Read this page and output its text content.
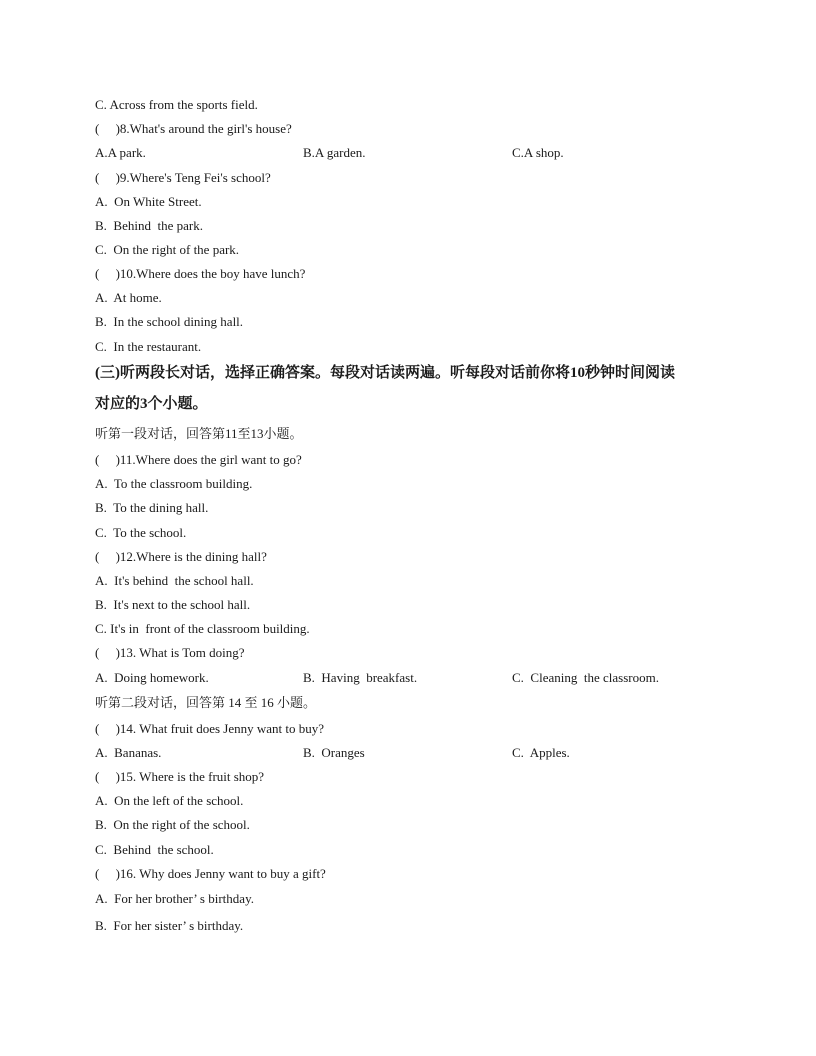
C. Across from the sports field.
(     )8.What's around the girl's house?

A.A park.

	B.A garden.

	C.A shop.

(     )9.Where's Teng Fei's school?
A.  On White Street.
B.  Behind  the park.
C.  On the right of the park.
(     )10.Where does the boy have lunch?
A.  At home.
B.  In the school dining hall.
C.  In the restaurant.
(三)听两段长对话，选择正确答案。每段对话读两遍。听每段对话前你将10秒钟时间阅读
对应的3个小题。
听第一段对话，回答第11至13小题。
(     )11.Where does the girl want to go?
A.  To the classroom building.
B.  To the dining hall.
C.  To the school.
(     )12.Where is the dining hall?
A.  It's behind  the school hall.
B.  It's next to the school hall.
C. It's in  front of the classroom building.
(     )13. What is Tom doing?

A.  Doing homework.

	B.  Having  breakfast.

	C.  Cleaning  the classroom.

听第二段对话，回答第 14 至 16 小题。
(     )14. What fruit does Jenny want to buy?

A.  Bananas.

	B.  Oranges

	C.  Apples.

(     )15. Where is the fruit shop?
A.  On the left of the school.
B.  On the right of the school.
C.  Behind  the school.
(     )16. Why does Jenny want to buy a gift?
A.  For her brother’ s birthday.
B.  For her sister’ s birthday.
